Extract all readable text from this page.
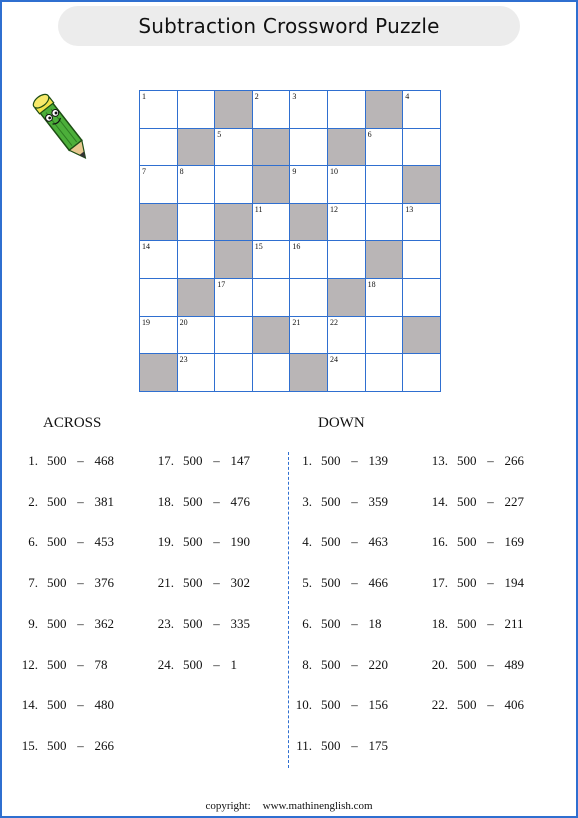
Subtraction Crossword Puzzle
1	2	3	4
5	6
7	8	9	10
11	12	13
14	15	16
17	18
19	20	21	22
23	24
ACROSS	DOWN
1. 500 – 468
2. 500 – 381
6. 500 – 453
7. 500 – 376
9. 500 – 362
12. 500 – 78
14. 500 – 480
15. 500 – 266
17. 500 – 147
18. 500 – 476
19. 500 – 190
21. 500 – 302
23. 500 – 335
24. 500 – 1
1. 500 – 139
3. 500 – 359
4. 500 – 463
5. 500 – 466
6. 500 – 18
8. 500 – 220
10. 500 – 156
11. 500 – 175
13. 500 – 266
14. 500 – 227
16. 500 – 169
17. 500 – 194
18. 500 – 211
20. 500 – 489
22. 500 – 406
copyright: www.mathinenglish.com
